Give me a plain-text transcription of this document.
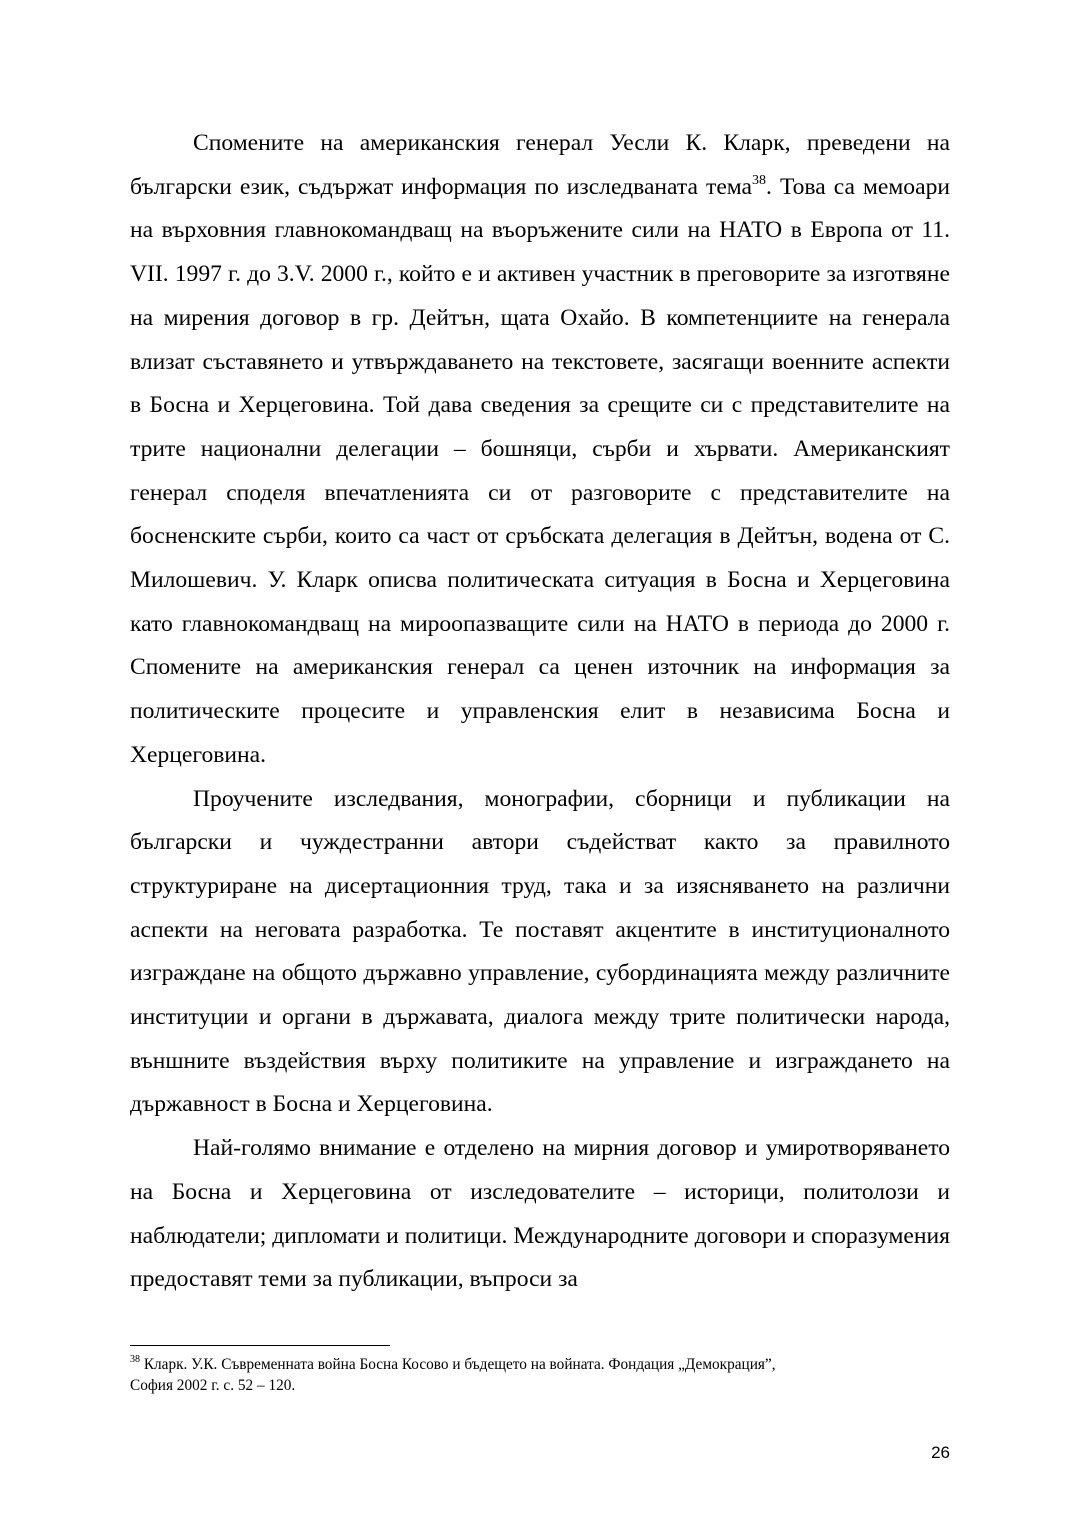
Спомените на американския генерал Уесли К. Кларк, преведени на български език, съдържат информация по изследваната тема$^{38}$. Това са мемоари на върховния главнокомандващ на въоръжените сили на НАТО в Европа от 11. VII. 1997 г. до 3.V. 2000 г., който е и активен участник в преговорите за изготвяне на мирения договор в гр. Дейтън, щата Охайо. В компетенциите на генерала влизат съставянето и утвърждаването на текстовете, засягащи военните аспекти в Босна и Херцеговина. Той дава сведения за срещите си с представителите на трите национални делегации – бошняци, сърби и хървати. Американският генерал споделя впечатленията си от разговорите с представителите на босненските сърби, които са част от сръбската делегация в Дейтън, водена от С. Милошевич. У. Кларк описва политическата ситуация в Босна и Херцеговина като главнокомандващ на мироопазващите сили на НАТО в периода до 2000 г. Спомените на американския генерал са ценен източник на информация за политическите процесите и управленския елит в независима Босна и Херцеговина.

Проучените изследвания, монографии, сборници и публикации на български и чуждестранни автори съдействат както за правилното структуриране на дисертационния труд, така и за изясняването на различни аспекти на неговата разработка. Те поставят акцентите в институционалното изграждане на общото държавно управление, субординацията между различните институции и органи в държавата, диалога между трите политически народа, външните въздействия върху политиките на управление и изграждането на държавност в Босна и Херцеговина.

Най-голямо внимание е отделено на мирния договор и умиротворяването на Босна и Херцеговина от изследователите – историци, политолози и наблюдатели; дипломати и политици. Международните договори и споразумения предоставят теми за публикации, въпроси за

$^{38}$ Кларк. У.К. Съвременната война Босна Косово и бъдещето на войната. Фондация „Демокрация”,
София 2002 г. с. 52 – 120.
26
